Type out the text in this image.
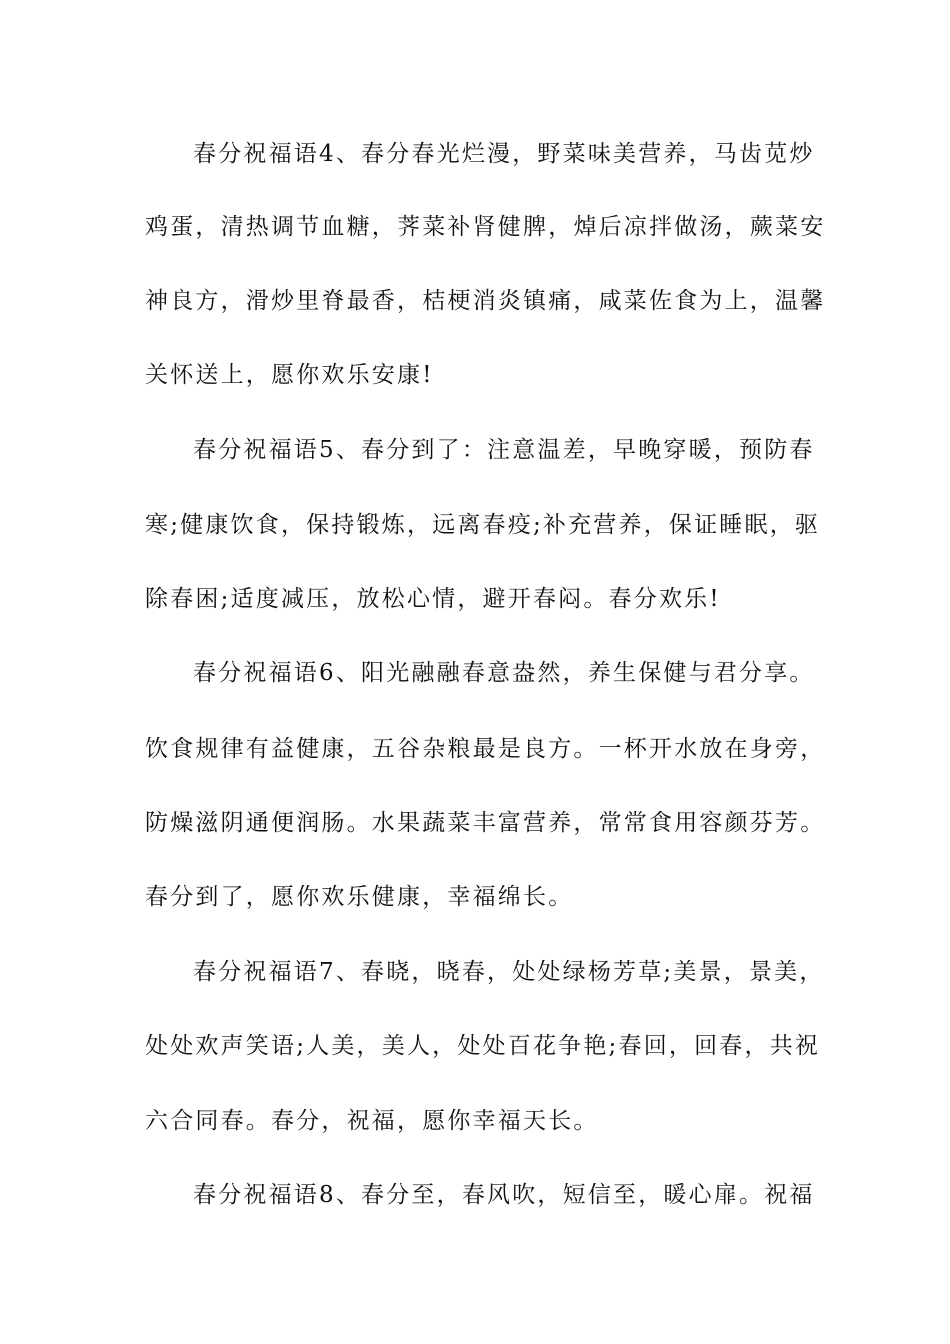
春分祝福语4、春分春光烂漫，野菜味美营养，马齿苋炒
鸡蛋，清热调节血糖，荠菜补肾健脾，焯后凉拌做汤，蕨菜安
神良方，滑炒里脊最香，桔梗消炎镇痛，咸菜佐食为上，温馨
关怀送上，愿你欢乐安康!
春分祝福语5、春分到了：注意温差，早晚穿暖，预防春
寒;健康饮食，保持锻炼，远离春疫;补充营养，保证睡眠，驱
除春困;适度减压，放松心情，避开春闷。春分欢乐!
春分祝福语6、阳光融融春意盎然，养生保健与君分享。
饮食规律有益健康，五谷杂粮最是良方。一杯开水放在身旁，
防燥滋阴通便润肠。水果蔬菜丰富营养，常常食用容颜芬芳。
春分到了，愿你欢乐健康，幸福绵长。
春分祝福语7、春晓，晓春，处处绿杨芳草;美景，景美，
处处欢声笑语;人美，美人，处处百花争艳;春回，回春，共祝
六合同春。春分，祝福，愿你幸福天长。
春分祝福语8、春分至，春风吹，短信至，暖心扉。祝福
